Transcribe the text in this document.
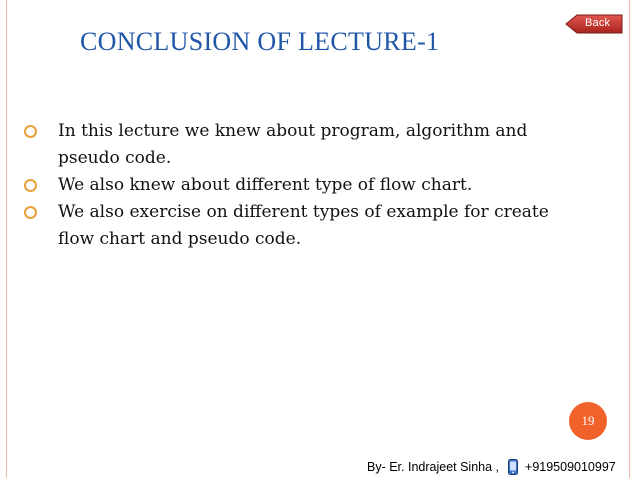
Back
CONCLUSION OF LECTURE-1
In this lecture we knew about program, algorithm and pseudo code.
We also knew about different type of flow chart.
We also exercise on different types of example for create flow chart and pseudo code.
19
By- Er. Indrajeet Sinha , +919509010997
